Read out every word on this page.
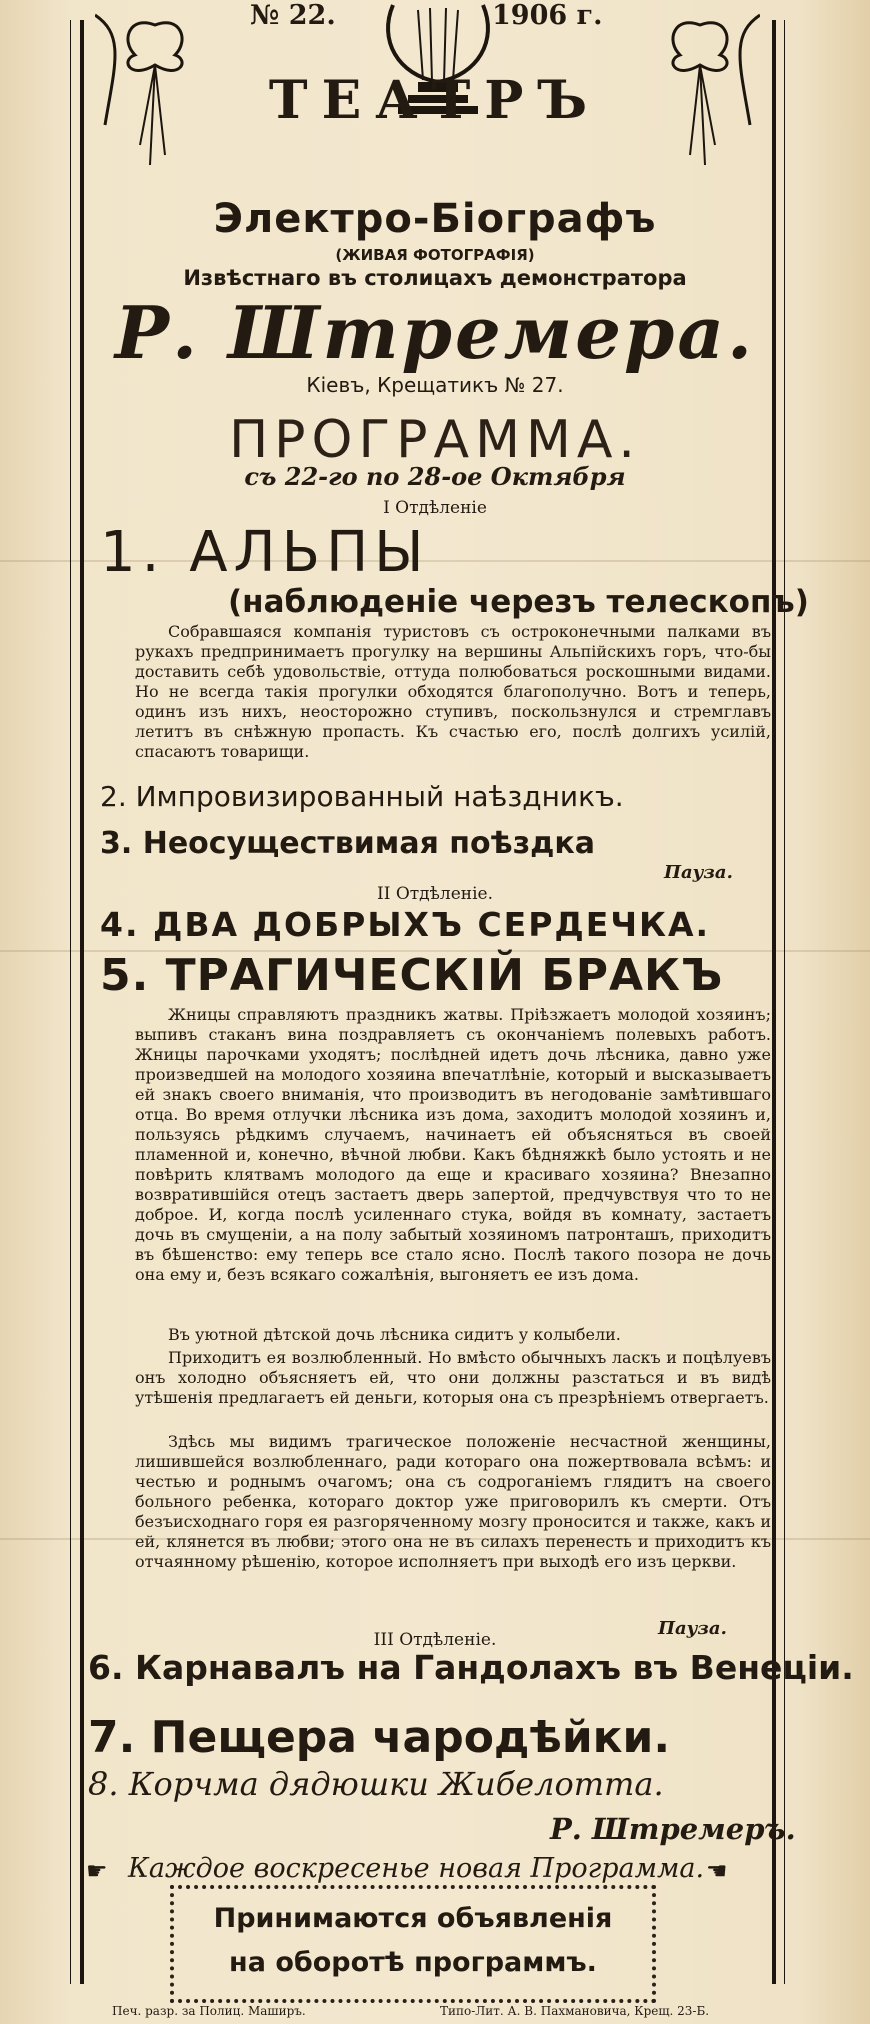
№ 22.	1906 г.
ТЕАТРЪ
Электро-Біографъ
(ЖИВАЯ ФОТОГРАФІЯ)
Извѣстнаго въ столицахъ демонстратора
Р. Штремера.
Кіевъ, Крещатикъ № 27.
ПРОГРАММА.
съ 22-го по 28-ое Октября
I Отдѣленіе
1. АЛЬПЫ
(наблюденіе черезъ телескопъ)

Собравшаяся компанія туристовъ съ остроконечными палками въ рукахъ предпринимаетъ прогулку на вершины Альпійскихъ горъ, что-бы доставить себѣ удовольствіе, оттуда полюбоваться роскошными видами. Но не всегда такія прогулки обходятся благополучно. Вотъ и теперь, одинъ изъ нихъ, неосторожно ступивъ, поскользнулся и стремглавъ летитъ въ снѣжную пропасть. Къ счастью его, послѣ долгихъ усилій, спасаютъ товарищи.

2. Импровизированный наѣздникъ.
3. Неосуществимая поѣздка
Пауза.
II Отдѣленіе.
4. ДВА ДОБРЫХЪ СЕРДЕЧКА.
5. ТРАГИЧЕСКІЙ БРАКЪ

Жницы справляютъ праздникъ жатвы. Пріѣзжаетъ молодой хозяинъ; выпивъ стаканъ вина поздравляетъ съ окончаніемъ полевыхъ работъ. Жницы парочками уходятъ; послѣдней идетъ дочь лѣсника, давно уже произведшей на молодого хозяина впечатлѣніе, который и высказываетъ ей знакъ своего вниманія, что производитъ въ негодованіе замѣтившаго отца. Во время отлучки лѣсника изъ дома, заходитъ молодой хозяинъ и, пользуясь рѣдкимъ случаемъ, начинаетъ ей объясняться въ своей пламенной и, конечно, вѣчной любви. Какъ бѣдняжкѣ было устоять и не повѣрить клятвамъ молодого да еще и красиваго хозяина? Внезапно возвратившійся отецъ застаетъ дверь запертой, предчувствуя что то не доброе. И, когда послѣ усиленнаго стука, войдя въ комнату, застаетъ дочь въ смущеніи, а на полу забытый хозяиномъ патронташъ, приходитъ въ бѣшенство: ему теперь все стало ясно. Послѣ такого позора не дочь она ему и, безъ всякаго сожалѣнія, выгоняетъ ее изъ дома.

Въ уютной дѣтской дочь лѣсника сидитъ у колыбели.

Приходитъ ея возлюбленный. Но вмѣсто обычныхъ ласкъ и поцѣлуевъ онъ холодно объясняетъ ей, что они должны разстаться и въ видѣ утѣшенія предлагаетъ ей деньги, которыя она съ презрѣніемъ отвергаетъ.

Здѣсь мы видимъ трагическое положеніе несчастной женщины, лишившейся возлюбленнаго, ради котораго она пожертвовала всѣмъ: и честью и роднымъ очагомъ; она съ содроганіемъ глядитъ на своего больного ребенка, котораго доктор уже приговорилъ къ смерти. Отъ безъисходнаго горя ея разгоряченному мозгу проносится и также, какъ и ей, клянется въ любви; этого она не въ силахъ перенесть и приходитъ къ отчаянному рѣшенію, которое исполняетъ при выходѣ его изъ церкви.

Пауза.
III Отдѣленіе.
6. Карнавалъ на Гандолахъ въ Венеціи.
7. Пещера чародѣйки.
8. Корчма дядюшки Жибелотта.
Р. Штремеръ.
☛ Каждое воскресенье новая Программа. ☛
Принимаются объявленія
на оборотѣ программъ.
Печ. разр. за Полиц. Маширъ.	Типо-Лит. А. В. Пахмановича, Крещ. 23-Б.
